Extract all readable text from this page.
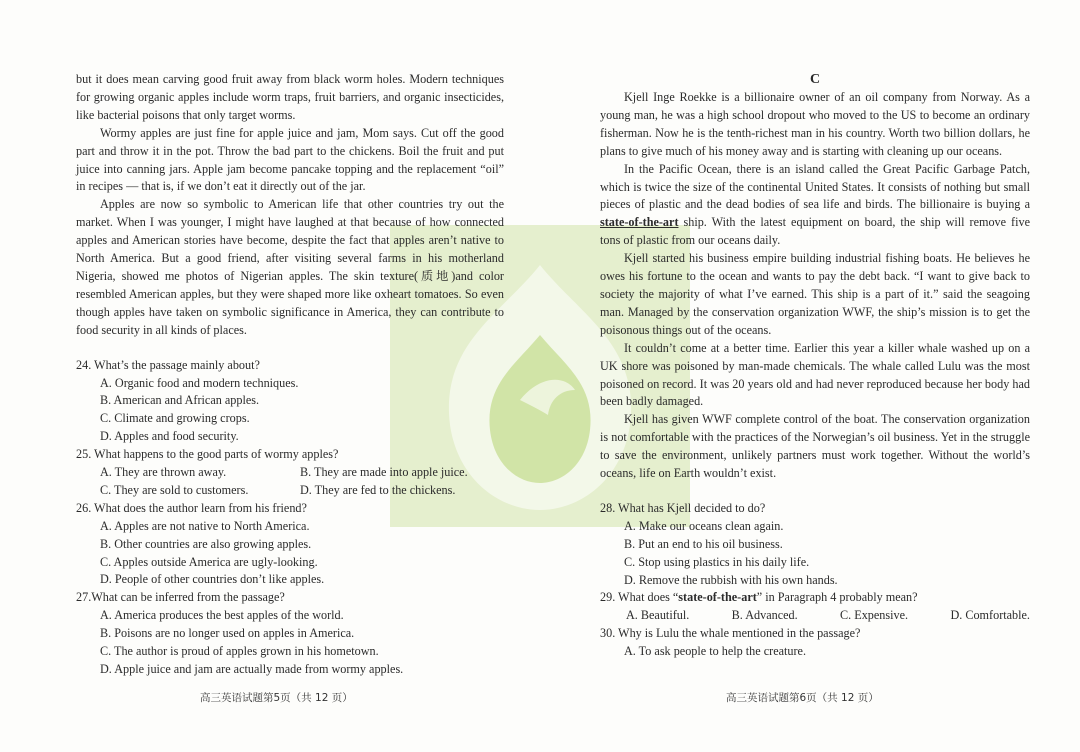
but it does mean carving good fruit away from black worm holes. Modern techniques for growing organic apples include worm traps, fruit barriers, and organic insecticides, like bacterial poisons that only target worms.

Wormy apples are just fine for apple juice and jam, Mom says. Cut off the good part and throw it in the pot. Throw the bad part to the chickens. Boil the fruit and put juice into canning jars. Apple jam become pancake topping and the replacement “oil” in recipes — that is, if we don’t eat it directly out of the jar.

Apples are now so symbolic to American life that other countries try out the market. When I was younger, I might have laughed at that because of how connected apples and American stories have become, despite the fact that apples aren’t native to North America. But a good friend, after visiting several farms in his motherland Nigeria, showed me photos of Nigerian apples. The skin texture(质地)and color resembled American apples, but they were shaped more like oxheart tomatoes. So even though apples have taken on symbolic significance in America, they can contribute to food security in all kinds of places.

24. What’s the passage mainly about?

A. Organic food and modern techniques.

B. American and African apples.

C. Climate and growing crops.

D. Apples and food security.

25. What happens to the good parts of wormy apples?

A. They are thrown away.	B. They are made into apple juice.
C. They are sold to customers.	D. They are fed to the chickens.

26. What does the author learn from his friend?

A. Apples are not native to North America.

B. Other countries are also growing apples.

C. Apples outside America are ugly-looking.

D. People of other countries don’t like apples.

27.What can be inferred from the passage?

A. America produces the best apples of the world.

B. Poisons are no longer used on apples in America.

C. The author is proud of apples grown in his hometown.

D. Apple juice and jam are actually made from wormy apples.

高三英语试题第5页（共 12 页）
C

Kjell Inge Roekke is a billionaire owner of an oil company from Norway. As a young man, he was a high school dropout who moved to the US to become an ordinary fisherman. Now he is the tenth-richest man in his country. Worth two billion dollars, he plans to give much of his money away and is starting with cleaning up our oceans.

In the Pacific Ocean, there is an island called the Great Pacific Garbage Patch, which is twice the size of the continental United States. It consists of nothing but small pieces of plastic and the dead bodies of sea life and birds. The billionaire is buying a state-of-the-art ship. With the latest equipment on board, the ship will remove five tons of plastic from our oceans daily.

Kjell started his business empire building industrial fishing boats. He believes he owes his fortune to the ocean and wants to pay the debt back. “I want to give back to society the majority of what I’ve earned. This ship is a part of it.” said the seagoing man. Managed by the conservation organization WWF, the ship’s mission is to get the poisonous things out of the oceans.

It couldn’t come at a better time. Earlier this year a killer whale washed up on a UK shore was poisoned by man-made chemicals. The whale called Lulu was the most poisoned on record. It was 20 years old and had never reproduced because her body had been badly damaged.

Kjell has given WWF complete control of the boat. The conservation organization is not comfortable with the practices of the Norwegian’s oil business. Yet in the struggle to save the environment, unlikely partners must work together. Without the world’s oceans, life on Earth wouldn’t exist.

28. What has Kjell decided to do?

A. Make our oceans clean again.

B. Put an end to his oil business.

C. Stop using plastics in his daily life.

D. Remove the rubbish with his own hands.

29. What does “state-of-the-art” in Paragraph 4 probably mean?

A. Beautiful.	B. Advanced.	C. Expensive.	D. Comfortable.

30. Why is Lulu the whale mentioned in the passage?

A. To ask people to help the creature.

高三英语试题第6页（共 12 页）
